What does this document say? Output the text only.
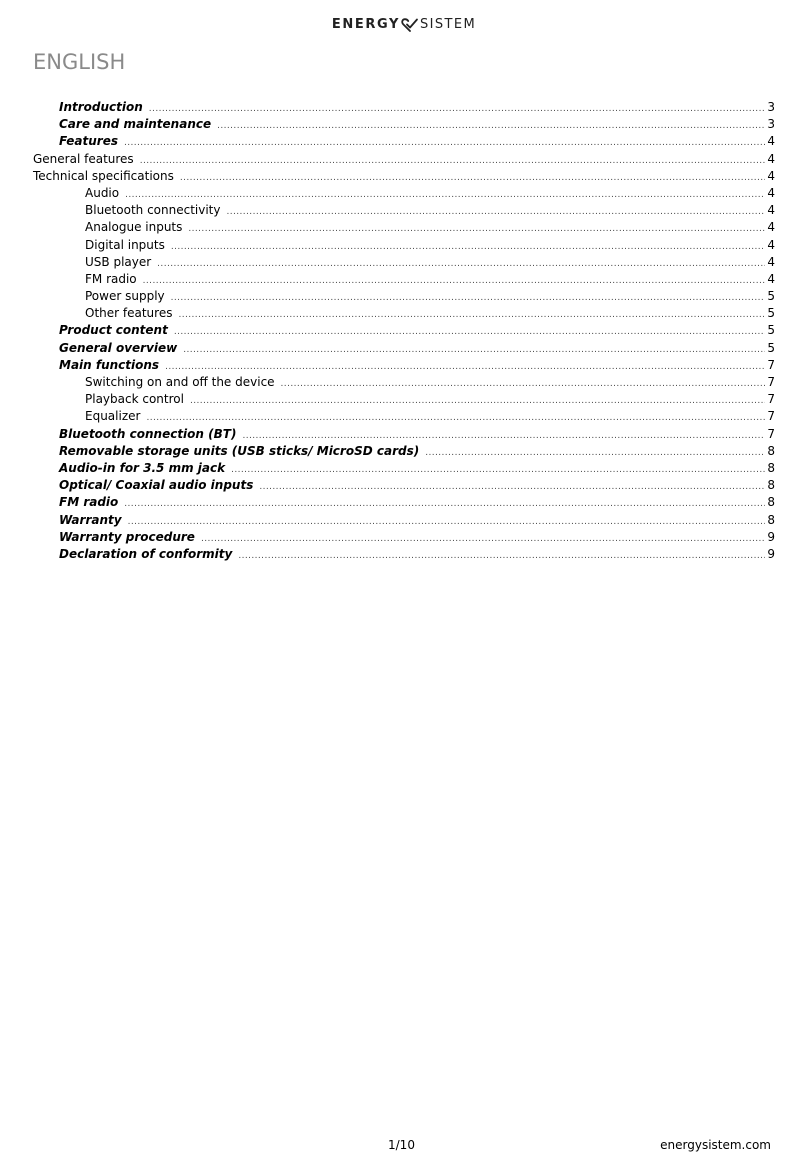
ENERGY SISTEM
ENGLISH
Introduction .....	3
Care and maintenance .....	3
Features .....	4
General features .....	4
Technical specifications .....	4
Audio .....	4
Bluetooth connectivity .....	4
Analogue inputs .....	4
Digital inputs .....	4
USB player .....	4
FM radio .....	4
Power supply .....	5
Other features .....	5
Product content .....	5
General overview .....	5
Main functions .....	7
Switching on and off the device .....	7
Playback control .....	7
Equalizer .....	7
Bluetooth connection (BT) .....	7
Removable storage units (USB sticks/ MicroSD cards) .....	8
Audio-in for 3.5 mm jack .....	8
Optical/ Coaxial audio inputs .....	8
FM radio .....	8
Warranty .....	8
Warranty procedure .....	9
Declaration of conformity .....	9
1/10	energysistem.com
